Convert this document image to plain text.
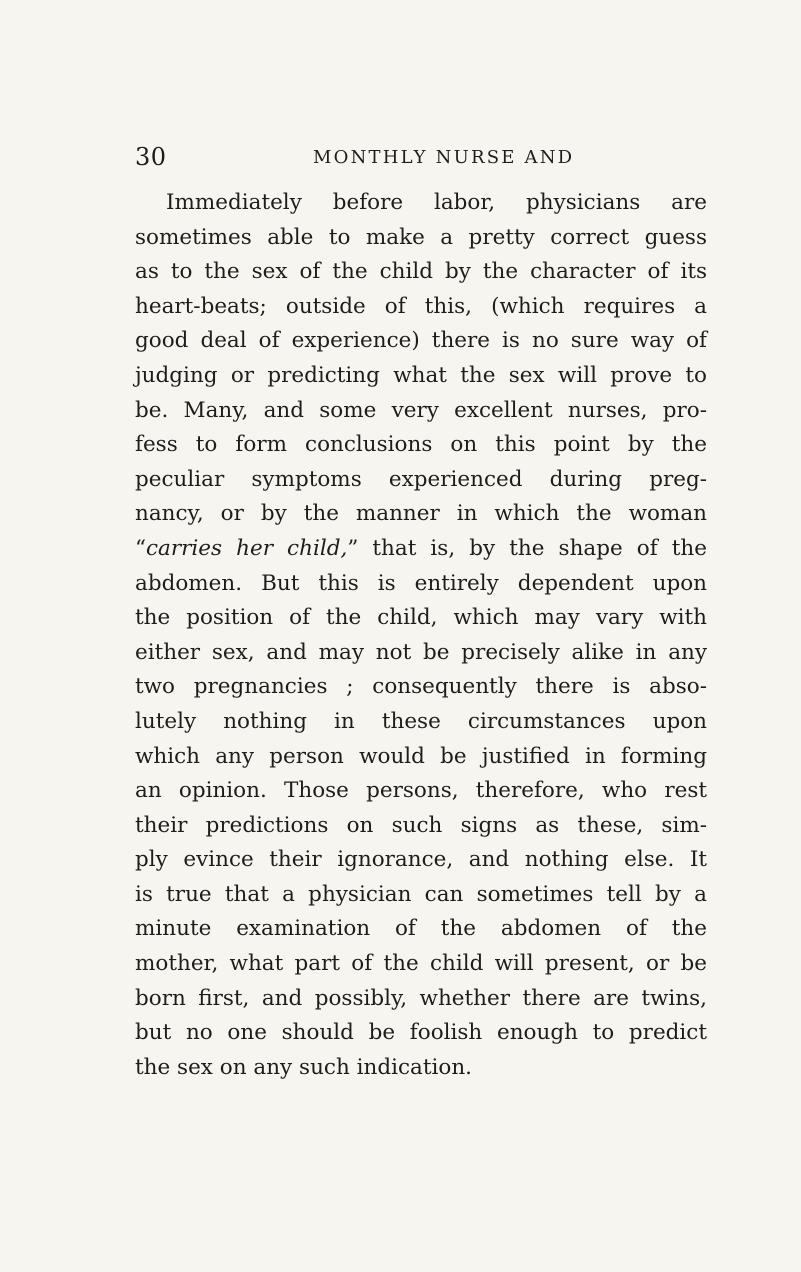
30	MONTHLY NURSE AND
Immediately before labor, physicians are
sometimes able to make a pretty correct guess
as to the sex of the child by the character of its
heart-beats; outside of this, (which requires a
good deal of experience) there is no sure way of
judging or predicting what the sex will prove to
be. Many, and some very excellent nurses, pro-
fess to form conclusions on this point by the
peculiar symptoms experienced during preg-
nancy, or by the manner in which the woman
“carries her child,” that is, by the shape of the
abdomen. But this is entirely dependent upon
the position of the child, which may vary with
either sex, and may not be precisely alike in any
two pregnancies ; consequently there is abso-
lutely nothing in these circumstances upon
which any person would be justified in forming
an opinion. Those persons, therefore, who rest
their predictions on such signs as these, sim-
ply evince their ignorance, and nothing else. It
is true that a physician can sometimes tell by a
minute examination of the abdomen of the
mother, what part of the child will present, or be
born first, and possibly, whether there are twins,
but no one should be foolish enough to predict
the sex on any such indication.
